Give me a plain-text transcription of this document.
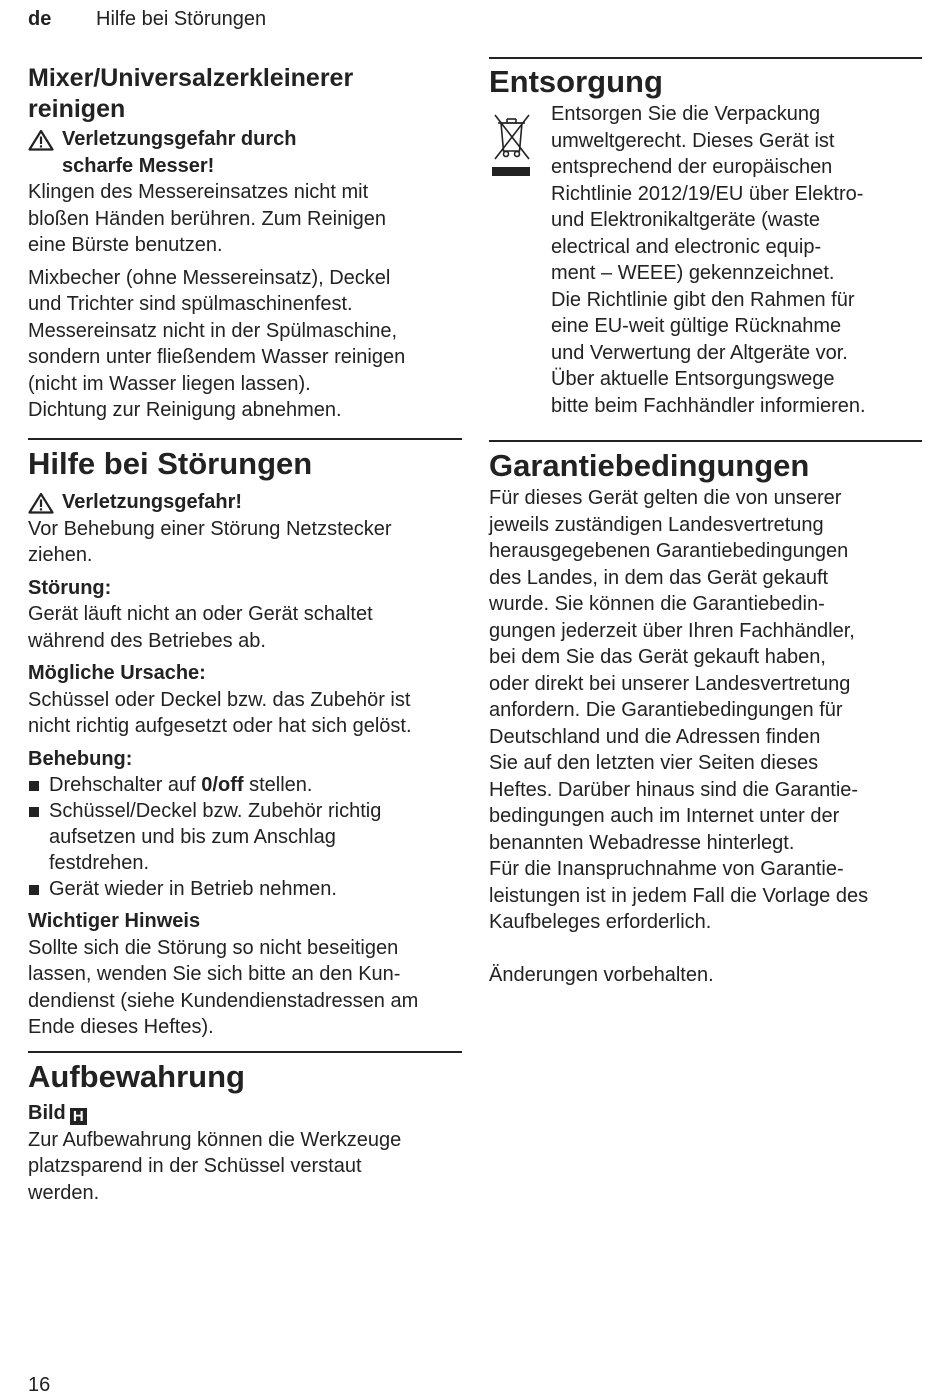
de Hilfe bei Störungen
Mixer/Universalzerkleinerer
reinigen
Verletzungsgefahr durch
scharfe Messer!

Klingen des Messereinsatzes nicht mit
bloßen Händen berühren. Zum Reinigen
eine Bürste benutzen.

Mixbecher (ohne Messereinsatz), Deckel
und Trichter sind spülmaschinenfest.
Messereinsatz nicht in der Spülmaschine,
sondern unter fließendem Wasser reinigen
(nicht im Wasser liegen lassen).
Dichtung zur Reinigung abnehmen.

Hilfe bei Störungen
Verletzungsgefahr!

Vor Behebung einer Störung Netzstecker
ziehen.

Störung:

Gerät läuft nicht an oder Gerät schaltet
während des Betriebes ab.

Mögliche Ursache:

Schüssel oder Deckel bzw. das Zubehör ist
nicht richtig aufgesetzt oder hat sich gelöst.

Behebung:

Drehschalter auf 0/off stellen.
Schüssel/Deckel bzw. Zubehör richtig
aufsetzen und bis zum Anschlag
festdrehen.
Gerät wieder in Betrieb nehmen.

Wichtiger Hinweis

Sollte sich die Störung so nicht beseitigen
lassen, wenden Sie sich bitte an den Kun-
dendienst (siehe Kundendienstadressen am
Ende dieses Heftes).

Aufbewahrung

Bild H

Zur Aufbewahrung können die Werkzeuge
platzsparend in der Schüssel verstaut
werden.

Entsorgung

Entsorgen Sie die Verpackung
umweltgerecht. Dieses Gerät ist
entsprechend der europäischen
Richtlinie 2012/19/EU über Elektro-
und Elektronikaltgeräte (waste
electrical and electronic equip-
ment – WEEE) gekennzeichnet.
Die Richtlinie gibt den Rahmen für
eine EU-weit gültige Rücknahme
und Verwertung der Altgeräte vor.
Über aktuelle Entsorgungswege
bitte beim Fachhändler informieren.

Garantiebedingungen

Für dieses Gerät gelten die von unserer
jeweils zuständigen Landesvertretung
herausgegebenen Garantiebedingungen
des Landes, in dem das Gerät gekauft
wurde. Sie können die Garantiebedin-
gungen jederzeit über Ihren Fachhändler,
bei dem Sie das Gerät gekauft haben,
oder direkt bei unserer Landesvertretung
anfordern. Die Garantiebedingungen für
Deutschland und die Adressen finden
Sie auf den letzten vier Seiten dieses
Heftes. Darüber hinaus sind die Garantie-
bedingungen auch im Internet unter der
benannten Webadresse hinterlegt.
Für die Inanspruchnahme von Garantie-
leistungen ist in jedem Fall die Vorlage des
Kaufbeleges erforderlich.

Änderungen vorbehalten.

16
